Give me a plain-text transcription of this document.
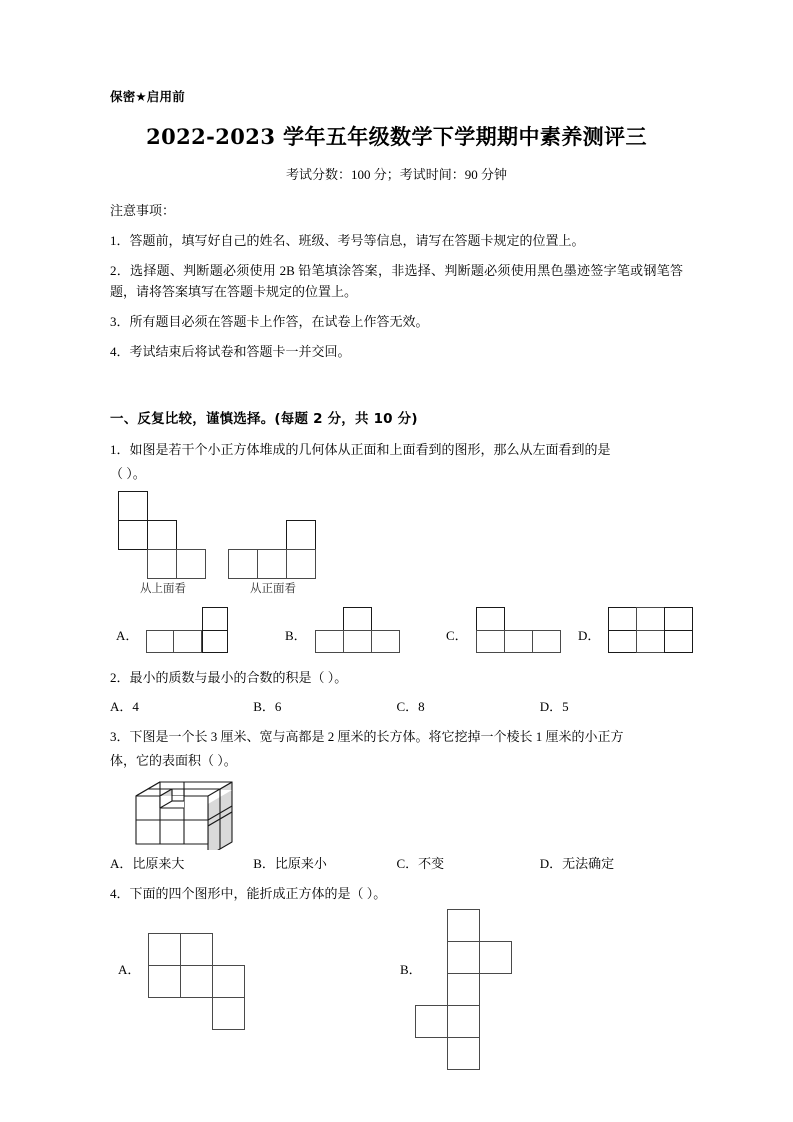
保密★启用前
2022-2023 学年五年级数学下学期期中素养测评三
考试分数：100 分；考试时间：90 分钟
注意事项：
1．答题前，填写好自己的姓名、班级、考号等信息，请写在答题卡规定的位置上。
2．选择题、判断题必须使用 2B 铅笔填涂答案，非选择、判断题必须使用黑色墨迹签字笔或钢笔答题，请将答案填写在答题卡规定的位置上。
3．所有题目必须在答题卡上作答，在试卷上作答无效。
4．考试结束后将试卷和答题卡一并交回。
一、反复比较，谨慎选择。(每题 2 分，共 10 分)
1．如图是若干个小正方体堆成的几何体从正面和上面看到的图形，那么从左面看到的是
（ ）。
从上面看	从正面看
A．	B．	C．	D．
2．最小的质数与最小的合数的积是（ ）。
A．4	B．6	C．8	D．5
3．下图是一个长 3 厘米、宽与高都是 2 厘米的长方体。将它挖掉一个棱长 1 厘米的小正方
体，它的表面积（ ）。
A．比原来大	B．比原来小	C．不变	D．无法确定
4．下面的四个图形中，能折成正方体的是（ ）。
A．	B．
